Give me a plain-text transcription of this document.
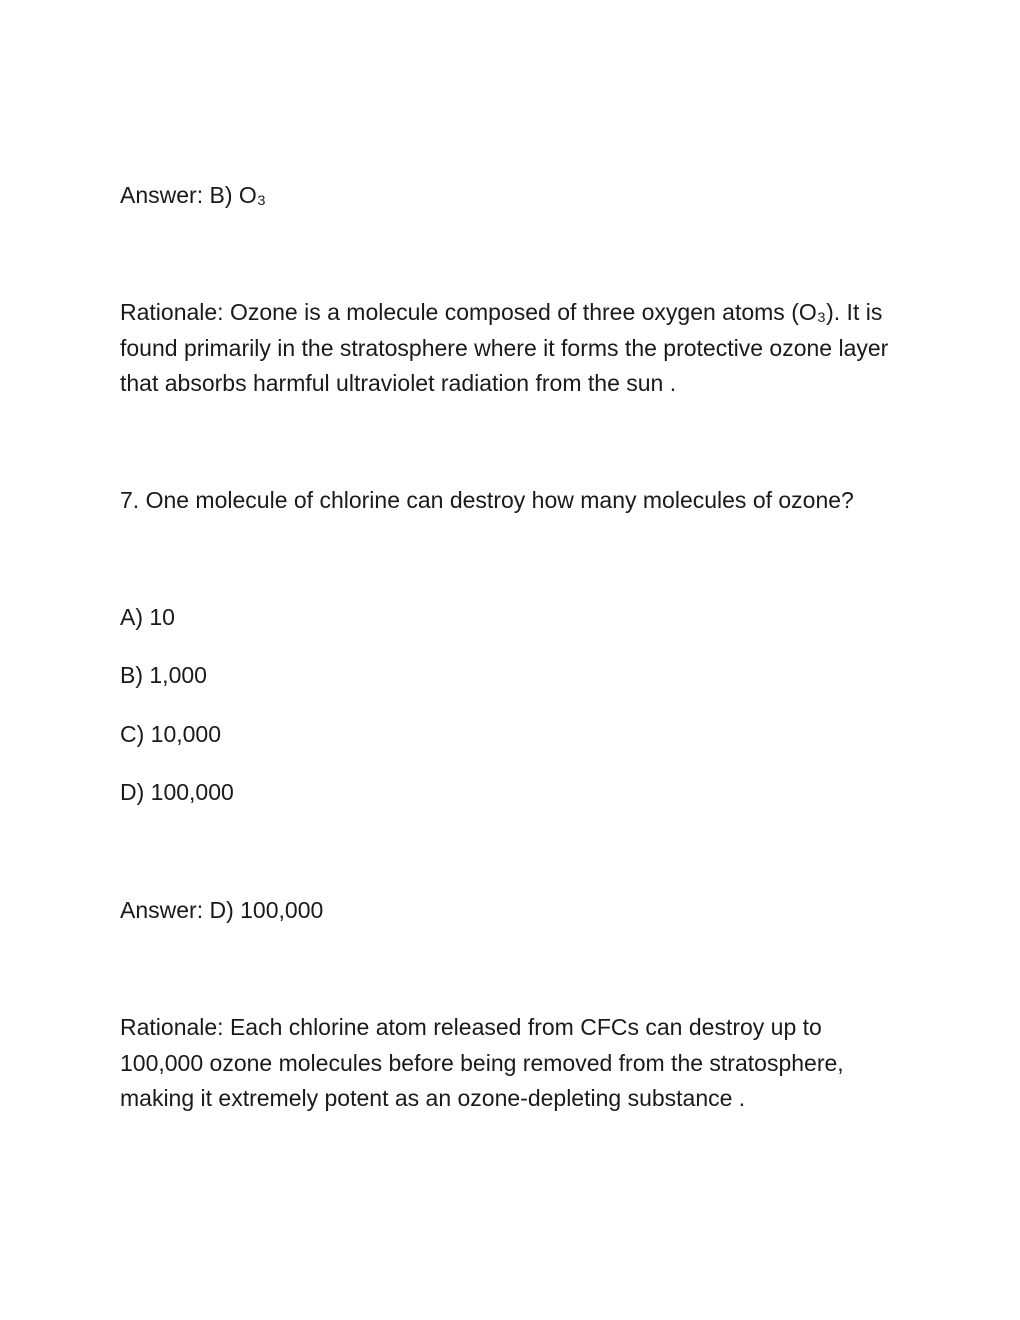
Answer: B) O₃

Rationale: Ozone is a molecule composed of three oxygen atoms (O₃). It is found primarily in the stratosphere where it forms the protective ozone layer that absorbs harmful ultraviolet radiation from the sun .

7. One molecule of chlorine can destroy how many molecules of ozone?

A) 10

B) 1,000

C) 10,000

D) 100,000

Answer: D) 100,000

Rationale: Each chlorine atom released from CFCs can destroy up to 100,000 ozone molecules before being removed from the stratosphere, making it extremely potent as an ozone-depleting substance .
